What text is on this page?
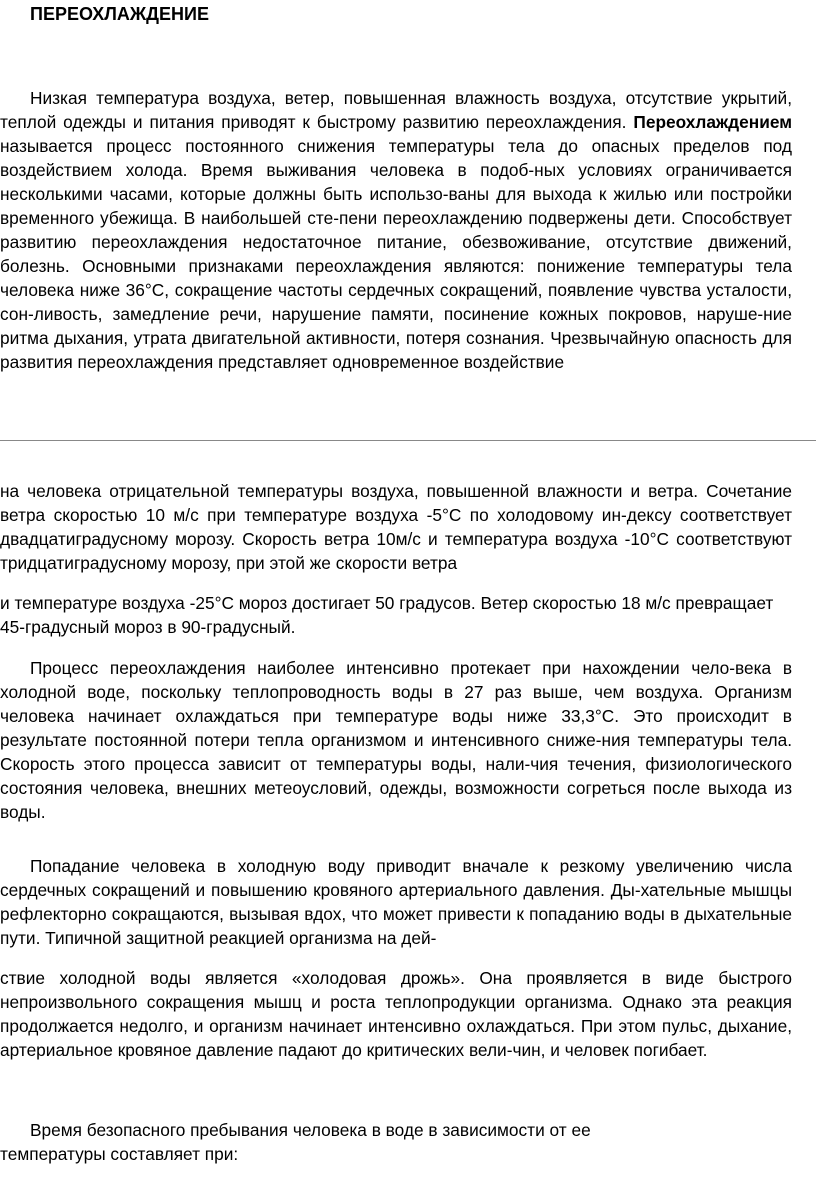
ПЕРЕОХЛАЖДЕНИЕ

Низкая температура воздуха, ветер, повышенная влажность воздуха, отсутствие укрытий, теплой одежды и питания приводят к быстрому развитию переохлаждения. Переохлаждением называется процесс постоянного снижения температуры тела до опасных пределов под воздействием холода. Время выживания человека в подоб-ных условиях ограничивается несколькими часами, которые должны быть использо-ваны для выхода к жилью или постройки временного убежища. В наибольшей сте-пени переохлаждению подвержены дети. Способствует развитию переохлаждения недостаточное питание, обезвоживание, отсутствие движений, болезнь. Основными признаками переохлаждения являются: понижение температуры тела человека ниже 36°С, сокращение частоты сердечных сокращений, появление чувства усталости, сон-ливость, замедление речи, нарушение памяти, посинение кожных покровов, наруше-ние ритма дыхания, утрата двигательной активности, потеря сознания. Чрезвычайную опасность для развития переохлаждения представляет одновременное воздействие

на человека отрицательной температуры воздуха, повышенной влажности и ветра. Сочетание ветра скоростью 10 м/с при температуре воздуха -5°С по холодовому ин-дексу соответствует двадцатиградусному морозу. Скорость ветра 10м/с и температура воздуха -10°С соответствуют тридцатиградусному морозу, при этой же скорости ветра

и температуре воздуха -25°С мороз достигает 50 градусов. Ветер скоростью 18 м/с превращает 45-градусный мороз в 90-градусный.

Процесс переохлаждения наиболее интенсивно протекает при нахождении чело-века в холодной воде, поскольку теплопроводность воды в 27 раз выше, чем воздуха. Организм человека начинает охлаждаться при температуре воды ниже 33,3°С. Это происходит в результате постоянной потери тепла организмом и интенсивного сниже-ния температуры тела. Скорость этого процесса зависит от температуры воды, нали-чия течения, физиологического состояния человека, внешних метеоусловий, одежды, возможности согреться после выхода из воды.

Попадание человека в холодную воду приводит вначале к резкому увеличению числа сердечных сокращений и повышению кровяного артериального давления. Ды-хательные мышцы рефлекторно сокращаются, вызывая вдох, что может привести к попаданию воды в дыхательные пути. Типичной защитной реакцией организма на дей-

ствие холодной воды является «холодовая дрожь». Она проявляется в виде быстрого непроизвольного сокращения мышц и роста теплопродукции организма. Однако эта реакция продолжается недолго, и организм начинает интенсивно охлаждаться. При этом пульс, дыхание, артериальное кровяное давление падают до критических вели-чин, и человек погибает.

Время безопасного пребывания человека в воде в зависимости от ее температуры составляет при:
